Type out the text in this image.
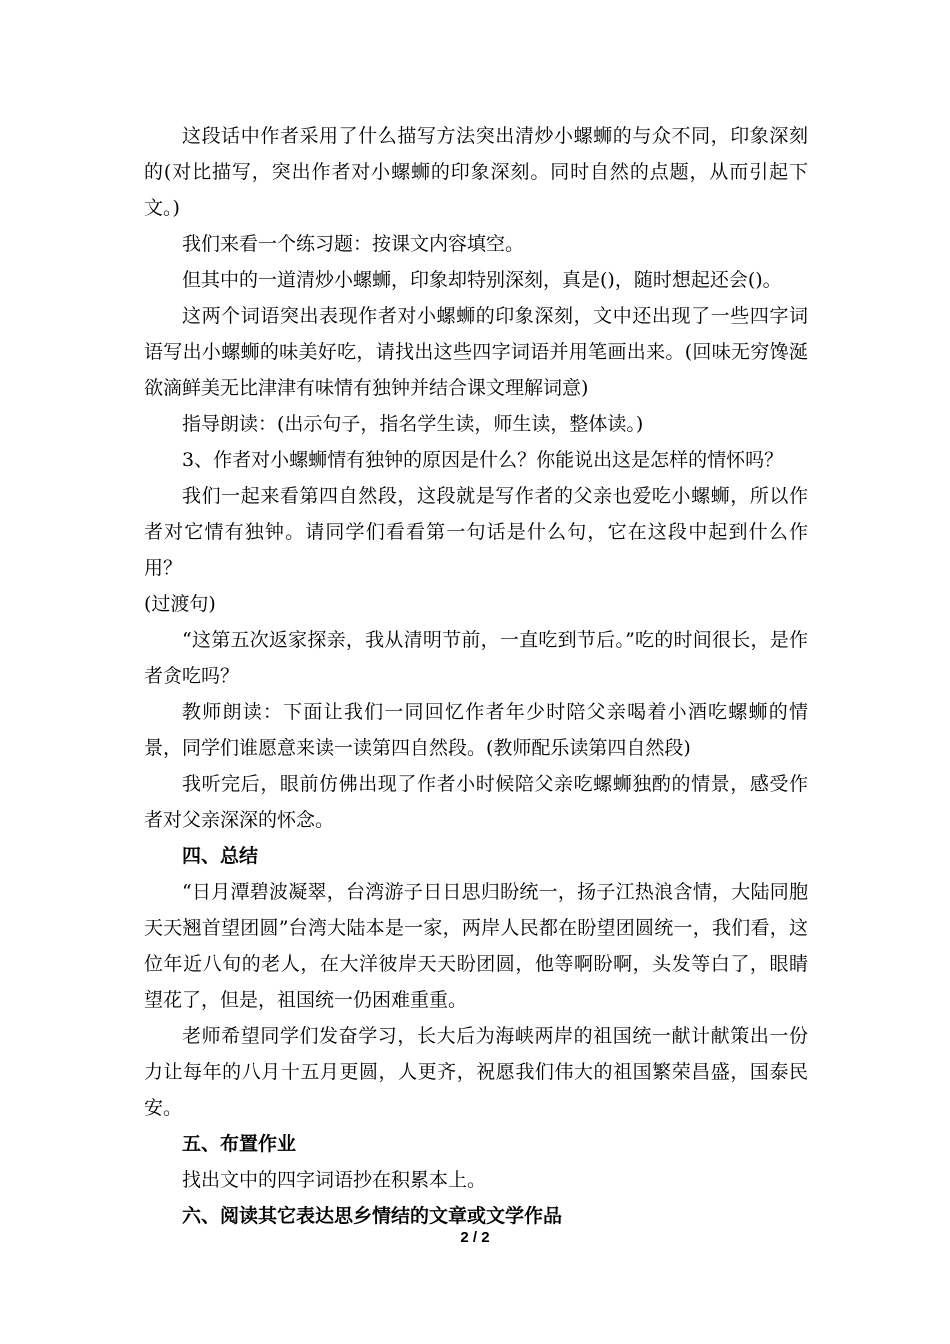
这段话中作者采用了什么描写方法突出清炒小螺蛳的与众不同，印象深刻的(对比描写，突出作者对小螺蛳的印象深刻。同时自然的点题，从而引起下文。)

我们来看一个练习题：按课文内容填空。

但其中的一道清炒小螺蛳，印象却特别深刻，真是()，随时想起还会()。

这两个词语突出表现作者对小螺蛳的印象深刻，文中还出现了一些四字词语写出小螺蛳的味美好吃，请找出这些四字词语并用笔画出来。(回味无穷馋涎欲滴鲜美无比津津有味情有独钟并结合课文理解词意)

指导朗读：(出示句子，指名学生读，师生读，整体读。)

3、作者对小螺蛳情有独钟的原因是什么？你能说出这是怎样的情怀吗？

我们一起来看第四自然段，这段就是写作者的父亲也爱吃小螺蛳，所以作者对它情有独钟。请同学们看看第一句话是什么句，它在这段中起到什么作用？

(过渡句)

“这第五次返家探亲，我从清明节前，一直吃到节后。”吃的时间很长，是作者贪吃吗？

教师朗读：下面让我们一同回忆作者年少时陪父亲喝着小酒吃螺蛳的情景，同学们谁愿意来读一读第四自然段。(教师配乐读第四自然段)

我听完后，眼前仿佛出现了作者小时候陪父亲吃螺蛳独酌的情景，感受作者对父亲深深的怀念。

四、总结

“日月潭碧波凝翠，台湾游子日日思归盼统一，扬子江热浪含情，大陆同胞天天翘首望团圆”台湾大陆本是一家，两岸人民都在盼望团圆统一，我们看，这位年近八旬的老人，在大洋彼岸天天盼团圆，他等啊盼啊，头发等白了，眼睛望花了，但是，祖国统一仍困难重重。

老师希望同学们发奋学习，长大后为海峡两岸的祖国统一献计献策出一份力让每年的八月十五月更圆，人更齐，祝愿我们伟大的祖国繁荣昌盛，国泰民安。

五、布置作业

找出文中的四字词语抄在积累本上。

六、阅读其它表达思乡情结的文章或文学作品

2 / 2
